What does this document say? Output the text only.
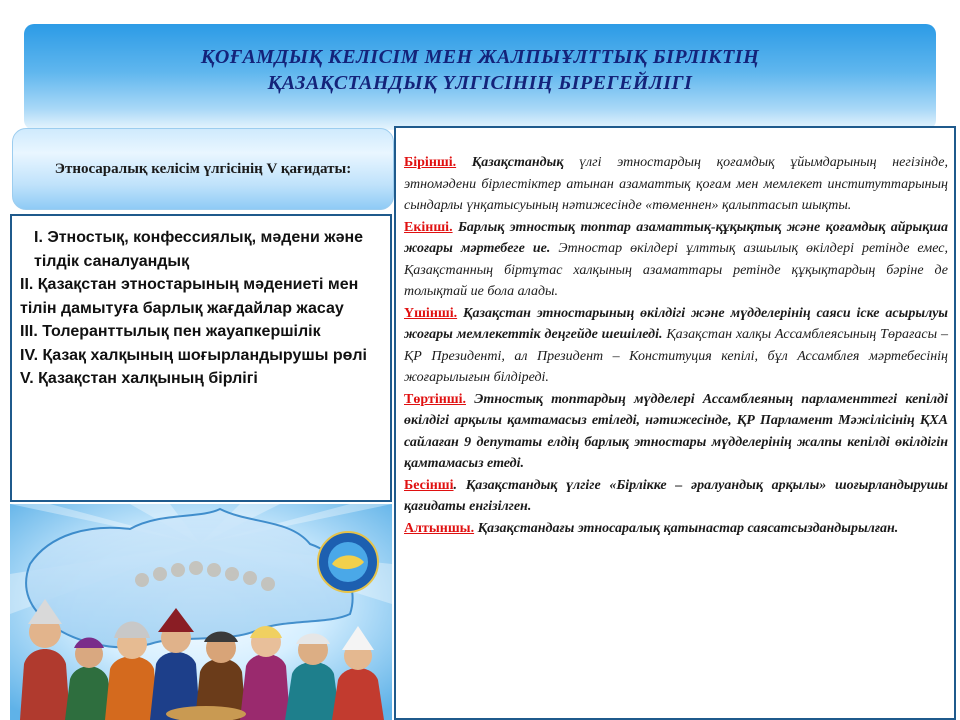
ҚОҒАМДЫҚ КЕЛІСІМ МЕН ЖАЛПЫҰЛТТЫҚ БІРЛІКТІҢ
ҚАЗАҚСТАНДЫҚ ҮЛГІСІНІҢ БІРЕГЕЙЛІГІ
Этносаралық келісім үлгісінің V қағидаты:
I. Этностық, конфессиялық, мәдени және тілдік саналуандық
II. Қазақстан этностарының мәдениеті мен тілін дамытуға барлық жағдайлар жасау
III. Толеранттылық пен жауапкершілік
IV. Қазақ халқының шоғырландырушы рөлі
V. Қазақстан халқының бірлігі

Бірінші. Қазақстандық үлгі этностардың қоғамдық ұйымдарының негізінде, этномәдени бірлестіктер атынан азаматтық қоғам мен мемлекет институттарының сындарлы үнқатысуының нәтижесінде «төменнен» қалыптасып шықты.

Екінші. Барлық этностық топтар азаматтық-құқықтық және қоғамдық айрықша жоғары мәртебеге ие. Этностар өкілдері ұлттық азшылық өкілдері ретінде емес, Қазақстанның біртұтас халқының азаматтары ретінде құқықтардың бәріне де толықтай ие бола алады.

Үшінші. Қазақстан этностарының өкілдігі және мүдделерінің саяси іске асырылуы жоғары мемлекеттік деңгейде шешіледі. Қазақстан халқы Ассамблеясының Төрағасы – ҚР Президенті, ал Президент – Конституция кепілі, бұл Ассамблея мәртебесінің жоғарылығын білдіреді.

Төртінші. Этностық топтардың мүдделері Ассамблеяның парламенттегі кепілді өкілдігі арқылы қамтамасыз етіледі, нәтижесінде, ҚР Парламент Мәжілісінің ҚХА сайлаған 9 депутаты елдің барлық этностары мүдделерінің жалпы кепілді өкілдігін қамтамасыз етеді.

Бесінші. Қазақстандық үлгіге «Бірлікке – әралуандық арқылы» шоғырландырушы қағидаты енгізілген.

Алтыншы. Қазақстандағы этносаралық қатынастар саясатсыздандырылған.
